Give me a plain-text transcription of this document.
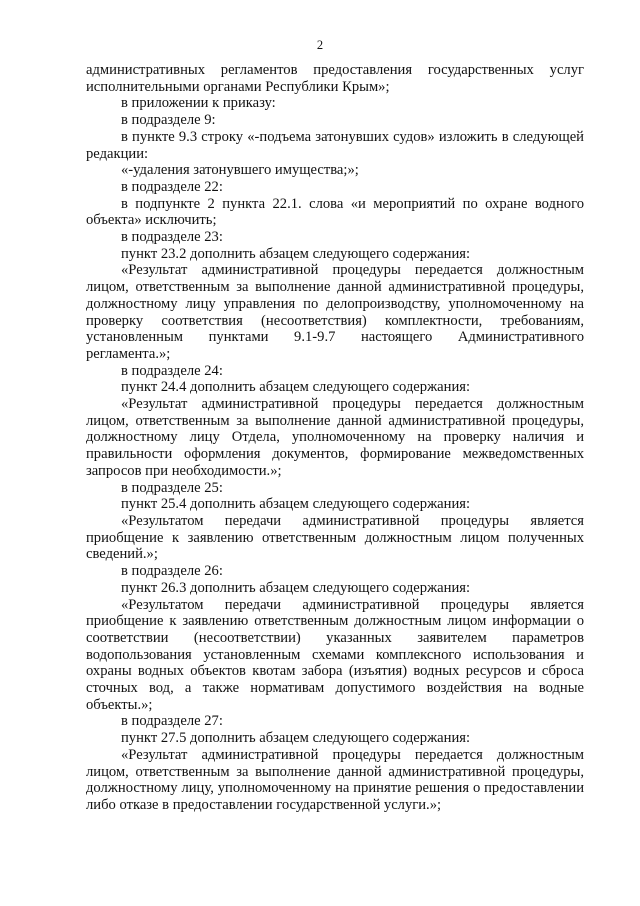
2

административных регламентов предоставления государственных услуг исполнительными органами Республики Крым»;

в приложении к приказу:

в подразделе 9:

в пункте 9.3 строку «-подъема затонувших судов» изложить в следующей редакции:

«-удаления затонувшего имущества;»;

в подразделе 22:

в подпункте 2 пункта 22.1. слова «и мероприятий по охране водного объекта» исключить;

в подразделе 23:

пункт 23.2 дополнить абзацем следующего содержания:

«Результат административной процедуры передается должностным лицом, ответственным за выполнение данной административной процедуры, должностному лицу управления по делопроизводству, уполномоченному на проверку соответствия (несоответствия) комплектности, требованиям, установленным пунктами 9.1-9.7 настоящего Административного регламента.»;

в подразделе 24:

пункт 24.4 дополнить абзацем следующего содержания:

«Результат административной процедуры передается должностным лицом, ответственным за выполнение данной административной процедуры, должностному лицу Отдела, уполномоченному на проверку наличия и правильности оформления документов, формирование межведомственных запросов при необходимости.»;

в подразделе 25:

пункт 25.4 дополнить абзацем следующего содержания:

«Результатом передачи административной процедуры является приобщение к заявлению ответственным должностным лицом полученных сведений.»;

в подразделе 26:

пункт 26.3 дополнить абзацем следующего содержания:

«Результатом передачи административной процедуры является приобщение к заявлению ответственным должностным лицом информации о соответствии (несоответствии) указанных заявителем параметров водопользования установленным схемами комплексного использования и охраны водных объектов квотам забора (изъятия) водных ресурсов и сброса сточных вод, а также нормативам допустимого воздействия на водные объекты.»;

в подразделе 27:

пункт 27.5 дополнить абзацем следующего содержания:

«Результат административной процедуры передается должностным лицом, ответственным за выполнение данной административной процедуры, должностному лицу, уполномоченному на принятие решения о предоставлении либо отказе в предоставлении государственной услуги.»;
